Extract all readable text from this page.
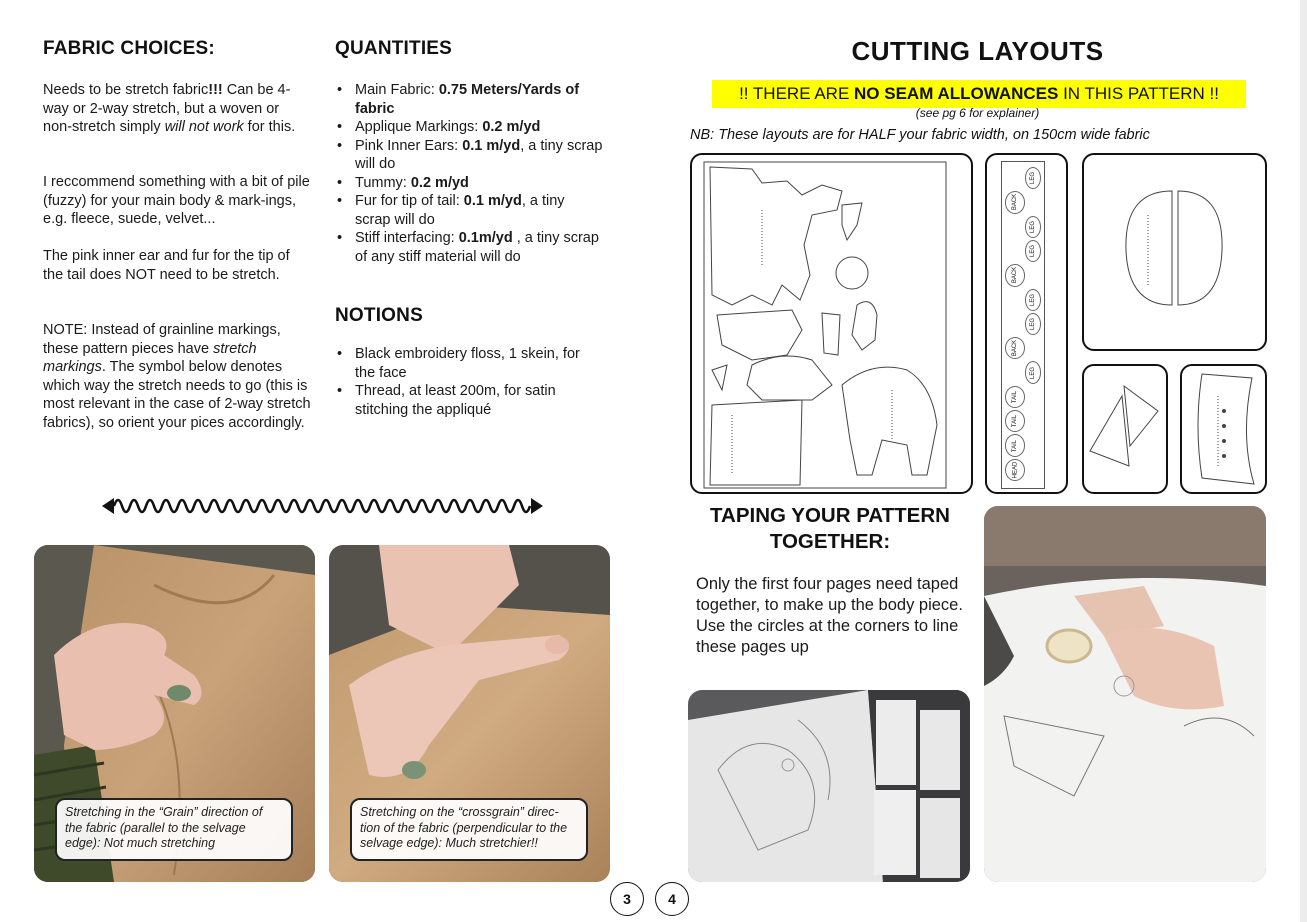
FABRIC CHOICES:
Needs to be stretch fabric!!! Can be 4-way or 2-way stretch, but a woven or non-stretch simply will not work for this.
I reccommend something with a bit of pile (fuzzy) for your main body & mark-ings, e.g. fleece, suede, velvet...
The pink inner ear and fur for the tip of the tail does NOT need to be stretch.
NOTE: Instead of grainline markings, these pattern pieces have stretch markings. The symbol below denotes which way the stretch needs to go (this is most relevant in the case of 2-way stretch fabrics), so orient your pices accordingly.
QUANTITIES
• Main Fabric: 0.75 Meters/Yards of fabric
• Applique Markings: 0.2 m/yd
• Pink Inner Ears: 0.1 m/yd, a tiny scrap will do
• Tummy: 0.2 m/yd
• Fur for tip of tail: 0.1 m/yd, a tiny scrap will do
• Stiff interfacing: 0.1m/yd , a tiny scrap of any stiff material will do
NOTIONS
• Black embroidery floss, 1 skein, for the face
• Thread, at least 200m, for satin stitching the appliqué
Stretching in the “Grain” direction of the fabric (parallel to the selvage edge): Not much stretching
Stretching on the “crossgrain” direc-tion of the fabric (perpendicular to the selvage edge): Much stretchier!!
3	4
CUTTING LAYOUTS
!! THERE ARE NO SEAM ALLOWANCES IN THIS PATTERN !!
(see pg 6 for explainer)
NB: These layouts are for HALF your fabric width, on 150cm wide fabric
LEG
BACK
LEG
LEG
BACK
LEG
LEG
BACK
LEG
TAIL
TAIL
TAIL
HEAD
TAPING YOUR PATTERN TOGETHER:
Only the first four pages need taped together, to make up the body piece.
Use the circles at the corners to line these pages up
